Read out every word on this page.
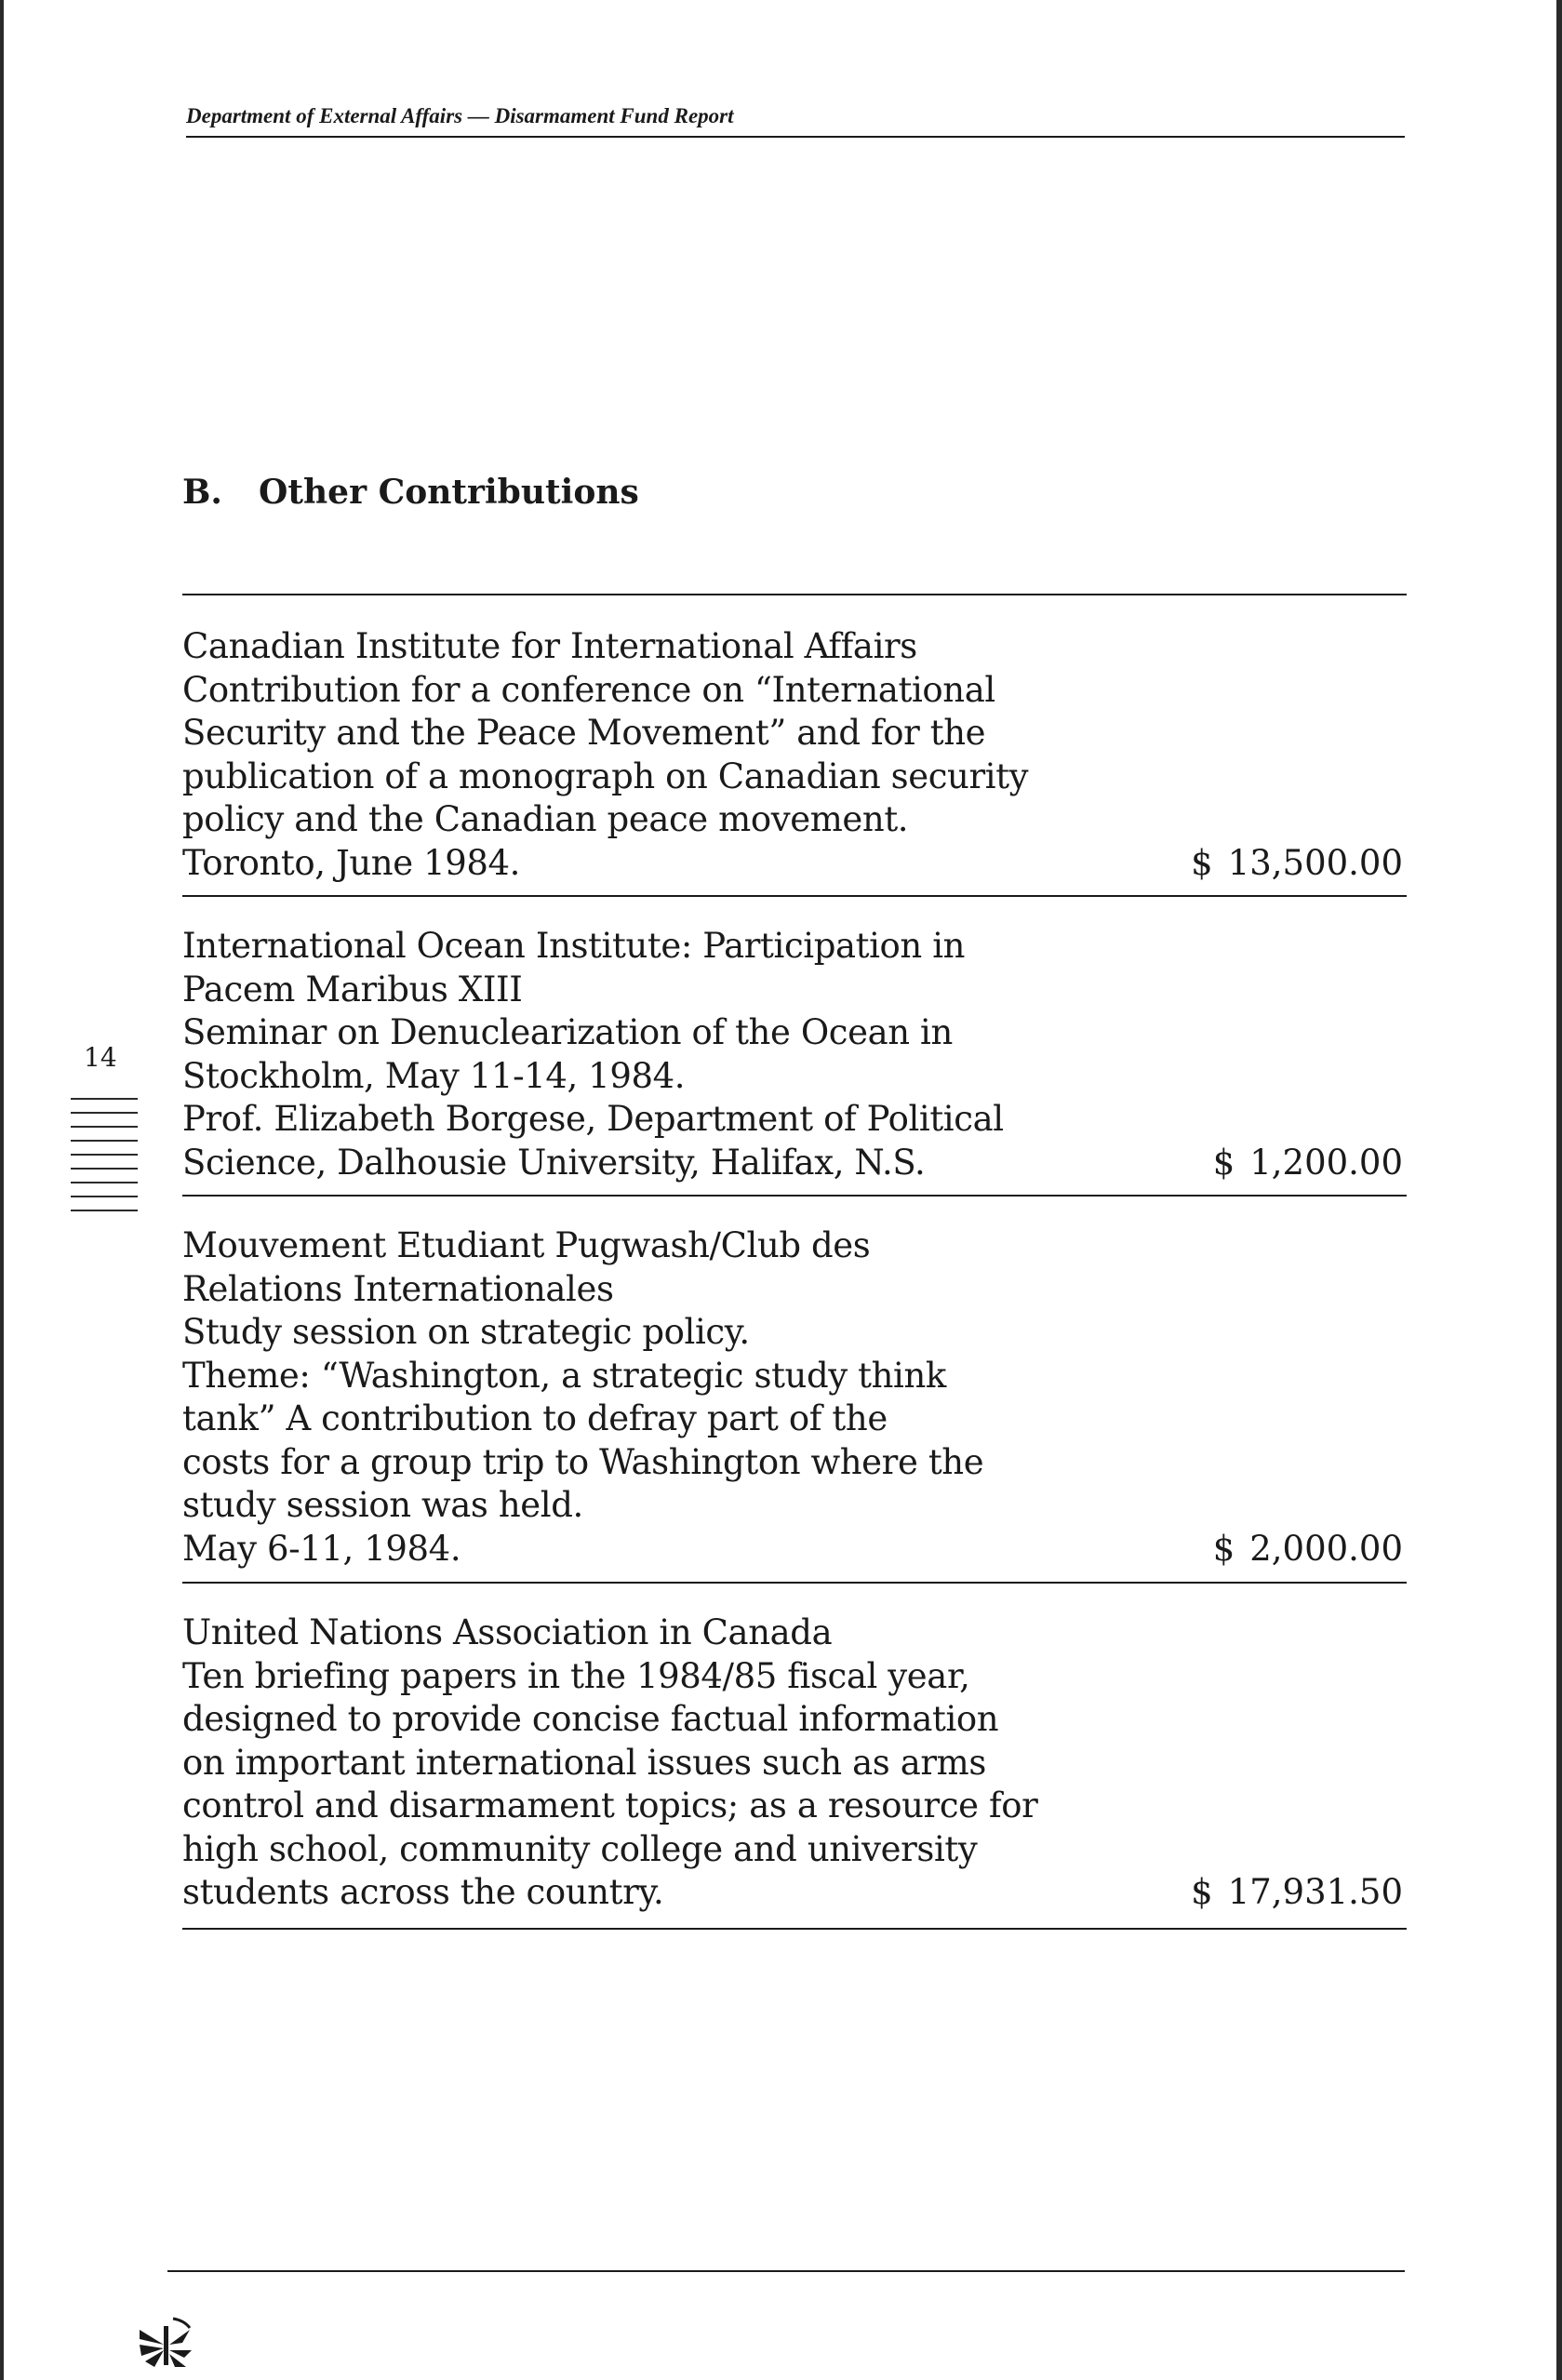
Department of External Affairs — Disarmament Fund Report
B. Other Contributions
Canadian Institute for International Affairs
Contribution for a conference on “International
Security and the Peace Movement” and for the
publication of a monograph on Canadian security
policy and the Canadian peace movement.
Toronto, June 1984.	$ 13,500.00
International Ocean Institute: Participation in
Pacem Maribus XIII
Seminar on Denuclearization of the Ocean in
Stockholm, May 11-14, 1984.
Prof. Elizabeth Borgese, Department of Political
Science, Dalhousie University, Halifax, N.S.	$ 1,200.00
Mouvement Etudiant Pugwash/Club des
Relations Internationales
Study session on strategic policy.
Theme: “Washington, a strategic study think
tank” A contribution to defray part of the
costs for a group trip to Washington where the
study session was held.
May 6-11, 1984.	$ 2,000.00
United Nations Association in Canada
Ten briefing papers in the 1984/85 fiscal year,
designed to provide concise factual information
on important international issues such as arms
control and disarmament topics; as a resource for
high school, community college and university
students across the country.	$ 17,931.50
14
